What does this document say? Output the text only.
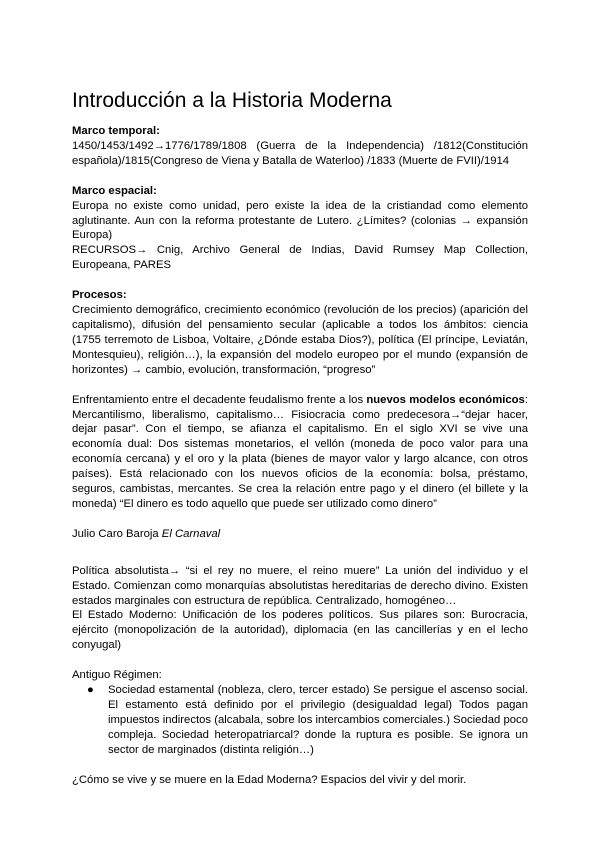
Introducción a la Historia Moderna

Marco temporal:

1450/1453/1492→1776/1789/1808 (Guerra de la Independencia) /1812(Constitución española)/1815(Congreso de Viena y Batalla de Waterloo) /1833 (Muerte de FVII)/1914

Marco espacial:

Europa no existe como unidad, pero existe la idea de la cristiandad como elemento aglutinante. Aun con la reforma protestante de Lutero. ¿Límites? (colonias → expansión Europa)

RECURSOS→ Cnig, Archivo General de Indias, David Rumsey Map Collection, Europeana, PARES

Procesos:

Crecimiento demográfico, crecimiento económico (revolución de los precios) (aparición del capitalismo), difusión del pensamiento secular (aplicable a todos los ámbitos: ciencia (1755 terremoto de Lisboa, Voltaire, ¿Dónde estaba Dios?), política (El príncipe, Leviatán, Montesquieu), religión…), la expansión del modelo europeo por el mundo (expansión de horizontes) → cambio, evolución, transformación, “progreso”

Enfrentamiento entre el decadente feudalismo frente a los nuevos modelos económicos: Mercantilismo, liberalismo, capitalismo… Fisiocracia como predecesora→“dejar hacer, dejar pasar”. Con el tiempo, se afianza el capitalismo. En el siglo XVI se vive una economía dual: Dos sistemas monetarios, el vellón (moneda de poco valor para una economía cercana) y el oro y la plata (bienes de mayor valor y largo alcance, con otros países). Está relacionado con los nuevos oficios de la economía: bolsa, préstamo, seguros, cambistas, mercantes. Se crea la relación entre pago y el dinero (el billete y la moneda) “El dinero es todo aquello que puede ser utilizado como dinero”

Julio Caro Baroja El Carnaval

Política absolutista→ “si el rey no muere, el reino muere” La unión del individuo y el Estado. Comienzan como monarquías absolutistas hereditarias de derecho divino. Existen estados marginales con estructura de república. Centralizado, homogéneo…

El Estado Moderno: Unificación de los poderes políticos. Sus pilares son: Burocracia, ejército (monopolización de la autoridad), diplomacia (en las cancillerías y en el lecho conyugal)

Antiguo Régimen:

● Sociedad estamental (nobleza, clero, tercer estado) Se persigue el ascenso social. El estamento está definido por el privilegio (desigualdad legal) Todos pagan impuestos indirectos (alcabala, sobre los intercambios comerciales.) Sociedad poco compleja. Sociedad heteropatriarcal? donde la ruptura es posible. Se ignora un sector de marginados (distinta religión…)

¿Cómo se vive y se muere en la Edad Moderna? Espacios del vivir y del morir.
